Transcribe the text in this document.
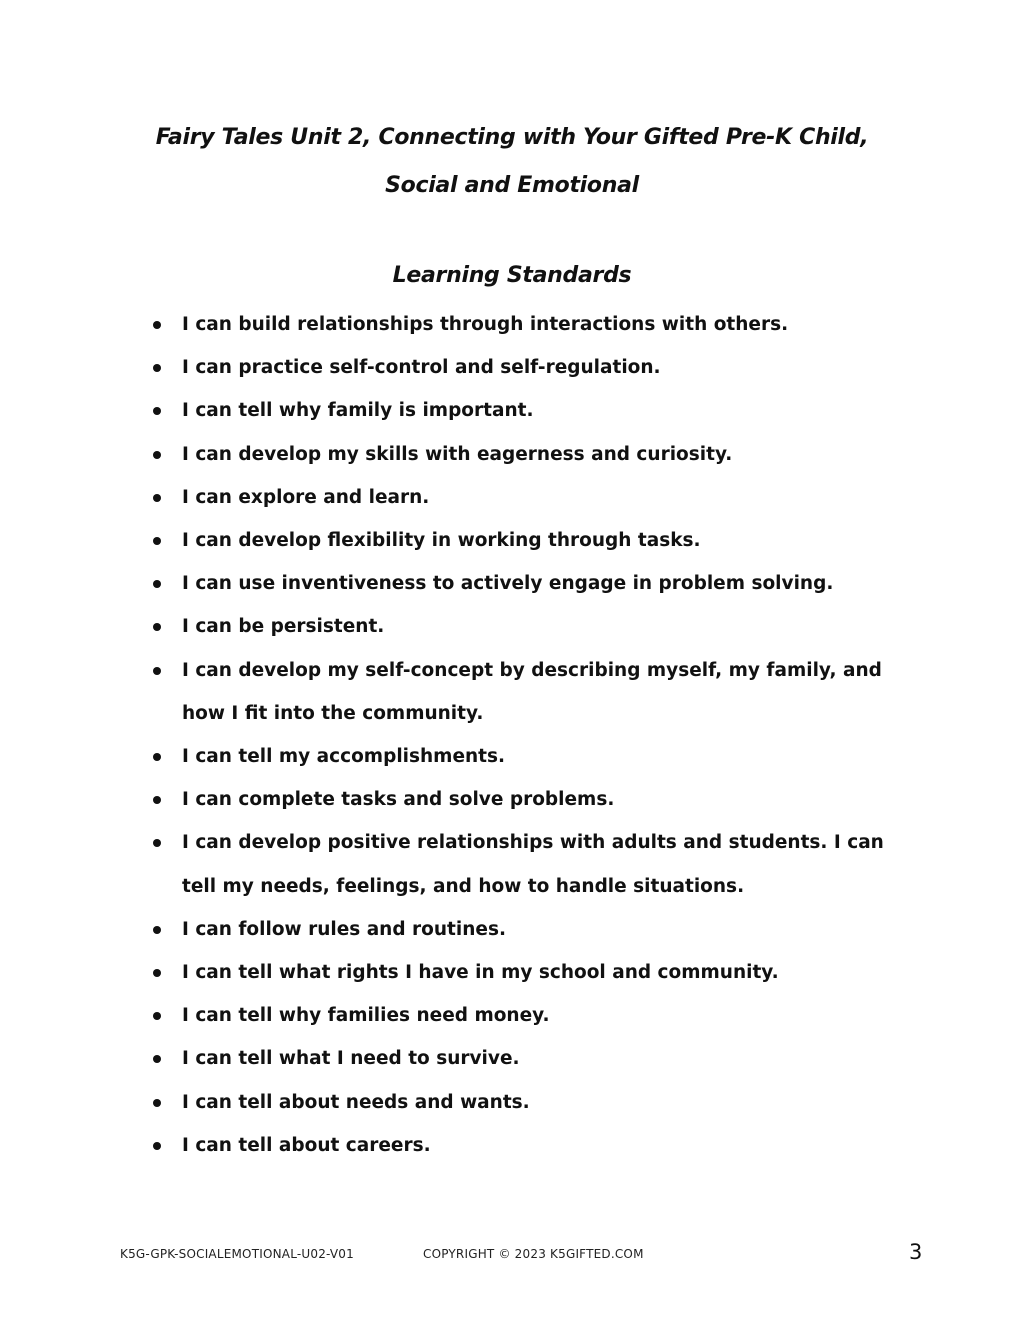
Fairy Tales Unit 2, Connecting with Your Gifted Pre-K Child,
Social and Emotional
Learning Standards
I can build relationships through interactions with others.
I can practice self-control and self-regulation.
I can tell why family is important.
I can develop my skills with eagerness and curiosity.
I can explore and learn.
I can develop flexibility in working through tasks.
I can use inventiveness to actively engage in problem solving.
I can be persistent.
I can develop my self-concept by describing myself, my family, and how I fit into the community.
I can tell my accomplishments.
I can complete tasks and solve problems.
I can develop positive relationships with adults and students. I can tell my needs, feelings, and how to handle situations.
I can follow rules and routines.
I can tell what rights I have in my school and community.
I can tell why families need money.
I can tell what I need to survive.
I can tell about needs and wants.
I can tell about careers.
K5G-GPK-SOCIALEMOTIONAL-U02-V01	COPYRIGHT © 2023 K5GIFTED.COM	3
